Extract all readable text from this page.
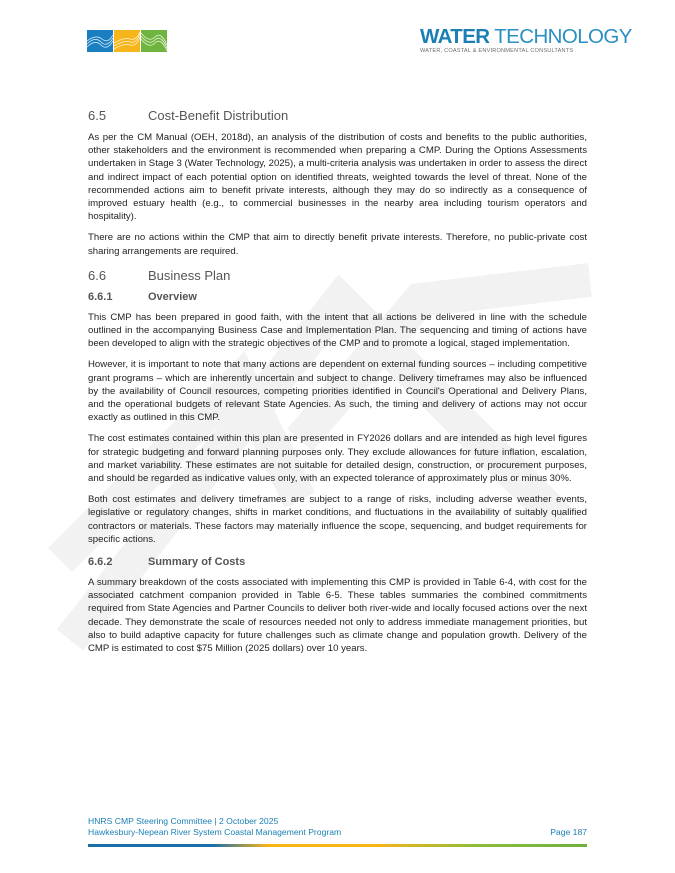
WATER TECHNOLOGY
WATER, COASTAL & ENVIRONMENTAL CONSULTANTS
6.5	Cost-Benefit Distribution

As per the CM Manual (OEH, 2018d), an analysis of the distribution of costs and benefits to the public authorities, other stakeholders and the environment is recommended when preparing a CMP. During the Options Assessments undertaken in Stage 3 (Water Technology, 2025), a multi-criteria analysis was undertaken in order to assess the direct and indirect impact of each potential option on identified threats, weighted towards the level of threat. None of the recommended actions aim to benefit private interests, although they may do so indirectly as a consequence of improved estuary health (e.g., to commercial businesses in the nearby area including tourism operators and hospitality).

There are no actions within the CMP that aim to directly benefit private interests. Therefore, no public-private cost sharing arrangements are required.

6.6	Business Plan
6.6.1	Overview

This CMP has been prepared in good faith, with the intent that all actions be delivered in line with the schedule outlined in the accompanying Business Case and Implementation Plan. The sequencing and timing of actions have been developed to align with the strategic objectives of the CMP and to promote a logical, staged implementation.

However, it is important to note that many actions are dependent on external funding sources – including competitive grant programs – which are inherently uncertain and subject to change. Delivery timeframes may also be influenced by the availability of Council resources, competing priorities identified in Council's Operational and Delivery Plans, and the operational budgets of relevant State Agencies. As such, the timing and delivery of actions may not occur exactly as outlined in this CMP.

The cost estimates contained within this plan are presented in FY2026 dollars and are intended as high level figures for strategic budgeting and forward planning purposes only. They exclude allowances for future inflation, escalation, and market variability. These estimates are not suitable for detailed design, construction, or procurement purposes, and should be regarded as indicative values only, with an expected tolerance of approximately plus or minus 30%.

Both cost estimates and delivery timeframes are subject to a range of risks, including adverse weather events, legislative or regulatory changes, shifts in market conditions, and fluctuations in the availability of suitably qualified contractors or materials. These factors may materially influence the scope, sequencing, and budget requirements for specific actions.

6.6.2	Summary of Costs

A summary breakdown of the costs associated with implementing this CMP is provided in Table 6-4, with cost for the associated catchment companion provided in Table 6-5. These tables summaries the combined commitments required from State Agencies and Partner Councils to deliver both river-wide and locally focused actions over the next decade. They demonstrate the scale of resources needed not only to address immediate management priorities, but also to build adaptive capacity for future challenges such as climate change and population growth. Delivery of the CMP is estimated to cost $75 Million (2025 dollars) over 10 years.

HNRS CMP Steering Committee | 2 October 2025
Hawkesbury-Nepean River System Coastal Management Program	Page 187
